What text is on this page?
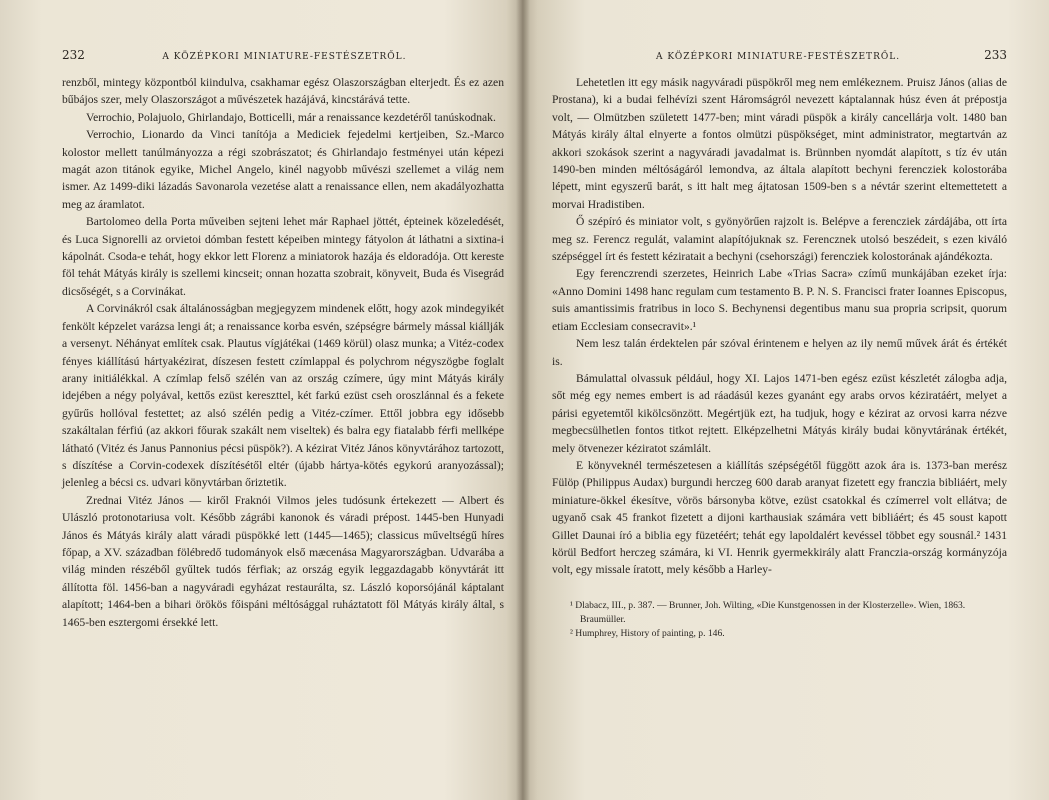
232	A KÖZÉPKORI MINIATURE-FESTÉSZETRŐL.

renzből, mintegy központból kiindulva, csakhamar egész Olaszországban elterjedt. És ez azen bűbájos szer, mely Olaszországot a művészetek hazájává, kincstárává tette.

Verrochio, Polajuolo, Ghirlandajo, Botticelli, már a renaissance kezdetéről tanúskodnak.

Verrochio, Lionardo da Vinci tanítója a Mediciek fejedelmi kertjeiben, Sz.-Marco kolostor mellett tanúlmányozza a régi szobrászatot; és Ghirlandajo festményei után képezi magát azon titánok egyike, Michel Angelo, kinél nagyobb művészi szellemet a világ nem ismer. Az 1499-diki lázadás Savonarola vezetése alatt a renaissance ellen, nem akadályozhatta meg az áramlatot.

Bartolomeo della Porta műveiben sejteni lehet már Raphael jöttét, épteinek közeledését, és Luca Signorelli az orvietoi dómban festett képeiben mintegy fátyolon át láthatni a sixtina-i kápolnát. Csoda-e tehát, hogy ekkor lett Florenz a miniatorok hazája és eldoradója. Ott kereste föl tehát Mátyás király is szellemi kincseit; onnan hozatta szobrait, könyveit, Buda és Visegrád dicsőségét, s a Corvinákat.

A Corvinákról csak általánosságban megjegyzem mindenek előtt, hogy azok mindegyikét fenkölt képzelet varázsa lengi át; a renaissance korba esvén, szépségre bármely mással kiállják a versenyt. Néhányat említek csak. Plautus vígjátékai (1469 körül) olasz munka; a Vitéz-codex fényes kiállítású hártyakézirat, díszesen festett czímlappal és polychrom négyszögbe foglalt arany initiálékkal. A czímlap felső szélén van az ország czímere, úgy mint Mátyás király idejében a négy polyával, kettős ezüst kereszttel, két farkú ezüst cseh oroszlánnal és a fekete gyűrűs hollóval festettet; az alsó szélén pedig a Vitéz-czímer. Ettől jobbra egy idősebb szakáltalan férfiú (az akkori főurak szakált nem viseltek) és balra egy fiatalabb férfi mellképe látható (Vitéz és Janus Pannonius pécsi püspök?). A kézirat Vitéz János könyvtárához tartozott, s díszítése a Corvin-codexek díszítésétől eltér (újabb hártya-kötés egykorú aranyozással); jelenleg a bécsi cs. udvari könyvtárban őriztetik.

Zrednai Vitéz János — kiről Fraknói Vilmos jeles tudósunk értekezett — Albert és Ulászló protonotariusa volt. Később zágrábi kanonok és váradi prépost. 1445-ben Hunyadi János és Mátyás király alatt váradi püspökké lett (1445—1465); classicus műveltségű híres főpap, a XV. században fölébredő tudományok első mæcenása Magyarországban. Udvarába a világ minden részéből gyűltek tudós férfiak; az ország egyik leggazdagabb könyvtárát itt állította föl. 1456-ban a nagyváradi egyházat restaurálta, sz. László koporsójánál káptalant alapított; 1464-ben a bihari örökös főispáni méltósággal ruháztatott föl Mátyás király által, s 1465-ben esztergomi érsekké lett.

A KÖZÉPKORI MINIATURE-FESTÉSZETRŐL.	233

Lehetetlen itt egy másik nagyváradi püspökről meg nem emlékeznem. Pruisz János (alias de Prostana), ki a budai felhévízi szent Háromságról nevezett káptalannak húsz éven át prépostja volt, — Olmützben született 1477-ben; mint váradi püspök a király cancellárja volt. 1480 ban Mátyás király által elnyerte a fontos olmützi püspökséget, mint administrator, megtartván az akkori szokások szerint a nagyváradi javadalmat is. Brünnben nyomdát alapított, s tíz év után 1490-ben minden méltóságáról lemondva, az általa alapított bechyni ferencziek kolostorába lépett, mint egyszerű barát, s itt halt meg ájtatosan 1509-ben s a névtár szerint eltemettetett a morvai Hradistiben.

Ő szépíró és miniator volt, s gyönyörűen rajzolt is. Belépve a ferencziek zárdájába, ott írta meg sz. Ferencz regulát, valamint alapítójuknak sz. Ferencznek utolsó beszédeit, s ezen kiváló szépséggel írt és festett kéziratait a bechyni (csehországi) ferencziek kolostorának ajándékozta.

Egy ferenczrendi szerzetes, Heinrich Labe «Trias Sacra» czímű munkájában ezeket írja: «Anno Domini 1498 hanc regulam cum testamento B. P. N. S. Francisci frater Ioannes Episcopus, suis amantissimis fratribus in loco S. Bechynensi degentibus manu sua propria scripsit, quorum etiam Ecclesiam consecravit».¹

Nem lesz talán érdektelen pár szóval érintenem e helyen az ily nemű művek árát és értékét is.

Bámulattal olvassuk például, hogy XI. Lajos 1471-ben egész ezüst készletét zálogba adja, sőt még egy nemes embert is ad ráadásúl kezes gyanánt egy arabs orvos kéziratáért, melyet a párisi egyetemtől kikölcsönzött. Megértjük ezt, ha tudjuk, hogy e kézirat az orvosi karra nézve megbecsülhetlen fontos titkot rejtett. Elképzelhetni Mátyás király budai könyvtárának értékét, mely ötvenezer kéziratot számlált.

E könyveknél természetesen a kiállítás szépségétől függött azok ára is. 1373-ban merész Fülöp (Philippus Audax) burgundi herczeg 600 darab aranyat fizetett egy franczia bibliáért, mely miniature-ökkel ékesítve, vörös bársonyba kötve, ezüst csatokkal és czímerrel volt ellátva; de ugyanő csak 45 frankot fizetett a dijoni karthausiak számára vett bibliáért; és 45 soust kapott Gillet Daunai író a biblia egy füzetéért; tehát egy lapoldalért kevéssel többet egy sousnál.² 1431 körül Bedfort herczeg számára, ki VI. Henrik gyermekkirály alatt Franczia-ország kormányzója volt, egy missale íratott, mely később a Harley-

¹ Dlabacz, III., p. 387. — Brunner, Joh. Wilting, «Die Kunstgenossen in der Klosterzelle». Wien, 1863. Braumüller.

² Humphrey, History of painting, p. 146.
